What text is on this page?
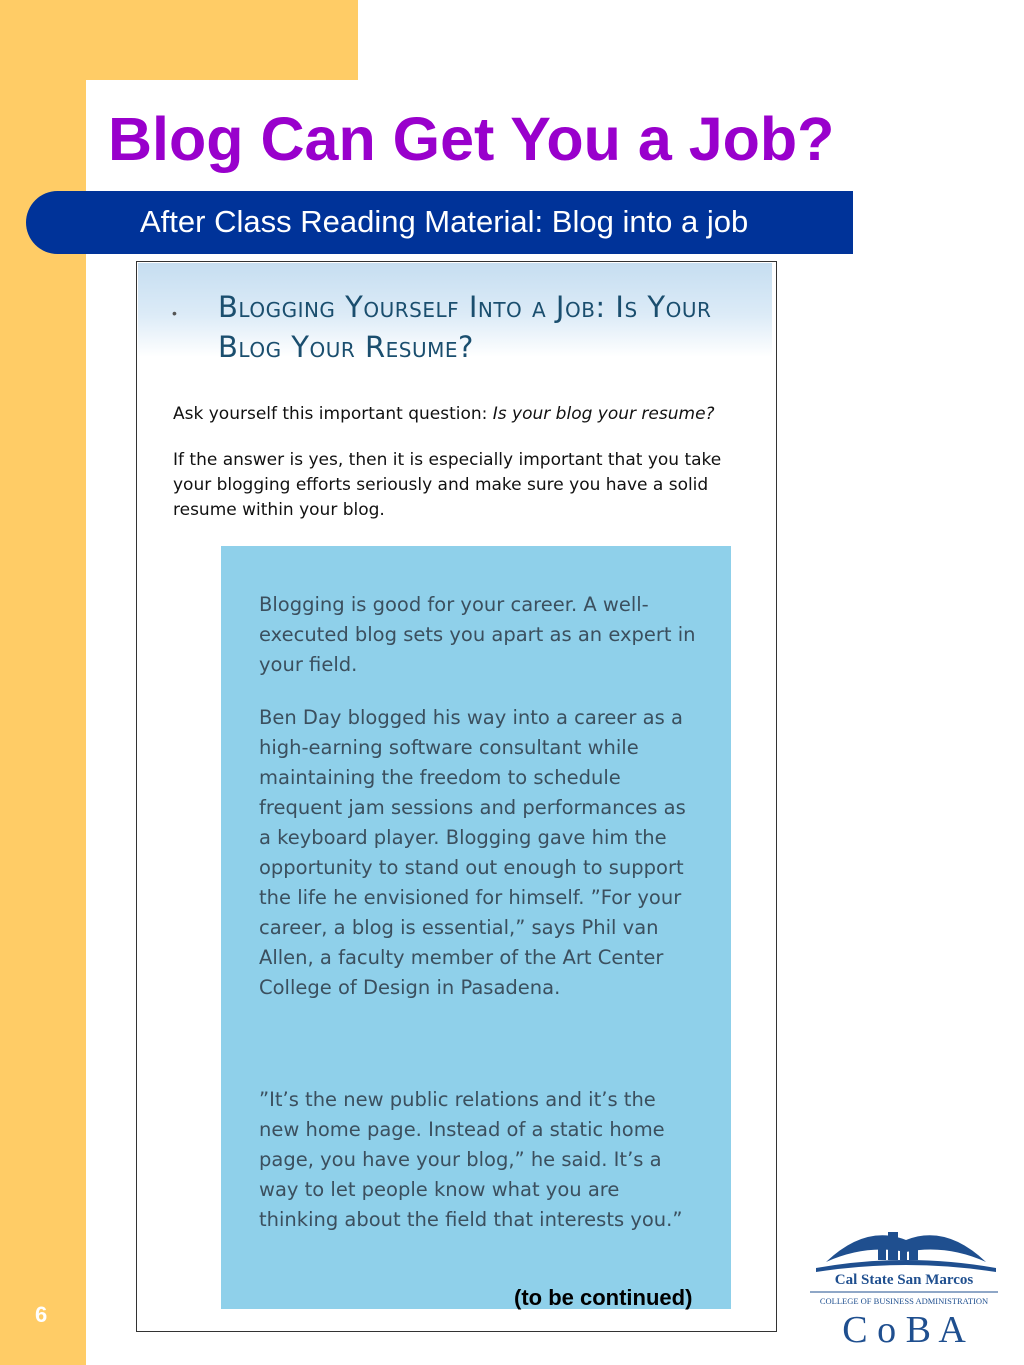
Blog Can Get You a Job?
After Class Reading Material: Blog into a job
• Blogging Yourself Into a Job: Is Your
Blog Your Resume?
Ask yourself this important question: Is your blog your resume?
If the answer is yes, then it is especially important that you take your blogging efforts seriously and make sure you have a solid resume within your blog.
Blogging is good for your career. A well-executed blog sets you apart as an expert in your field.
Ben Day blogged his way into a career as a high-earning software consultant while maintaining the freedom to schedule frequent jam sessions and performances as a keyboard player. Blogging gave him the opportunity to stand out enough to support the life he envisioned for himself. ”For your career, a blog is essential,” says Phil van Allen, a faculty member of the Art Center College of Design in Pasadena.
”It’s the new public relations and it’s the new home page. Instead of a static home page, you have your blog,” he said. It’s a way to let people know what you are thinking about the field that interests you.”
(to be continued)
6
Cal State San Marcos
COLLEGE OF BUSINESS ADMINISTRATION
C o B A
